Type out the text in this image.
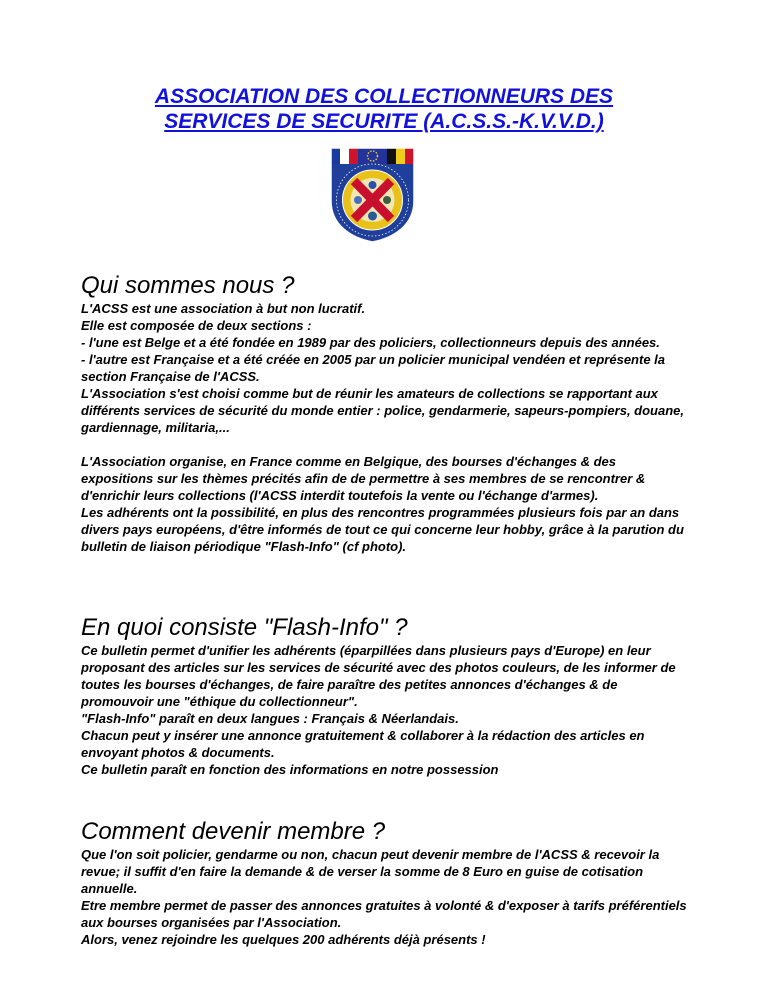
ASSOCIATION DES COLLECTIONNEURS DES
SERVICES DE SECURITE (A.C.S.S.-K.V.V.D.)
Qui sommes nous ?

L'ACSS est une association à but non lucratif.

Elle est composée de deux sections :

- l'une est Belge et a été fondée en 1989 par des policiers, collectionneurs depuis des années.

- l'autre est Française et a été créée en 2005 par un policier municipal vendéen et représente la section Française de l'ACSS.

L'Association s'est choisi comme but de réunir les amateurs de collections se rapportant aux différents services de sécurité du monde entier : police, gendarmerie, sapeurs-pompiers, douane, gardiennage, militaria,...

L'Association organise, en France comme en Belgique, des bourses d'échanges & des expositions sur les thèmes précités afin de de permettre à ses membres de se rencontrer & d'enrichir leurs collections (l'ACSS interdit toutefois la vente ou l'échange d'armes).

Les adhérents ont la possibilité, en plus des rencontres programmées plusieurs fois par an dans divers pays européens, d'être informés de tout ce qui concerne leur hobby, grâce à la parution du bulletin de liaison périodique "Flash-Info" (cf photo).

En quoi consiste "Flash-Info" ?

Ce bulletin permet d'unifier les adhérents (éparpillées dans plusieurs pays d'Europe) en leur proposant des articles sur les services de sécurité avec des photos couleurs, de les informer de toutes les bourses d'échanges, de faire paraître des petites annonces d'échanges & de promouvoir une "éthique du collectionneur".

"Flash-Info" paraît en deux langues : Français & Néerlandais.

Chacun peut y insérer une annonce gratuitement & collaborer à la rédaction des articles en envoyant photos & documents.

Ce bulletin paraît en fonction des informations en notre possession

Comment devenir membre ?

Que l'on soit policier, gendarme ou non, chacun peut devenir membre de l'ACSS & recevoir la revue; il suffit d'en faire la demande & de verser la somme de 8 Euro en guise de cotisation annuelle.

Etre membre permet de passer des annonces gratuites à volonté & d'exposer à tarifs préférentiels aux bourses organisées par l'Association.

Alors, venez rejoindre les quelques 200 adhérents déjà présents !
